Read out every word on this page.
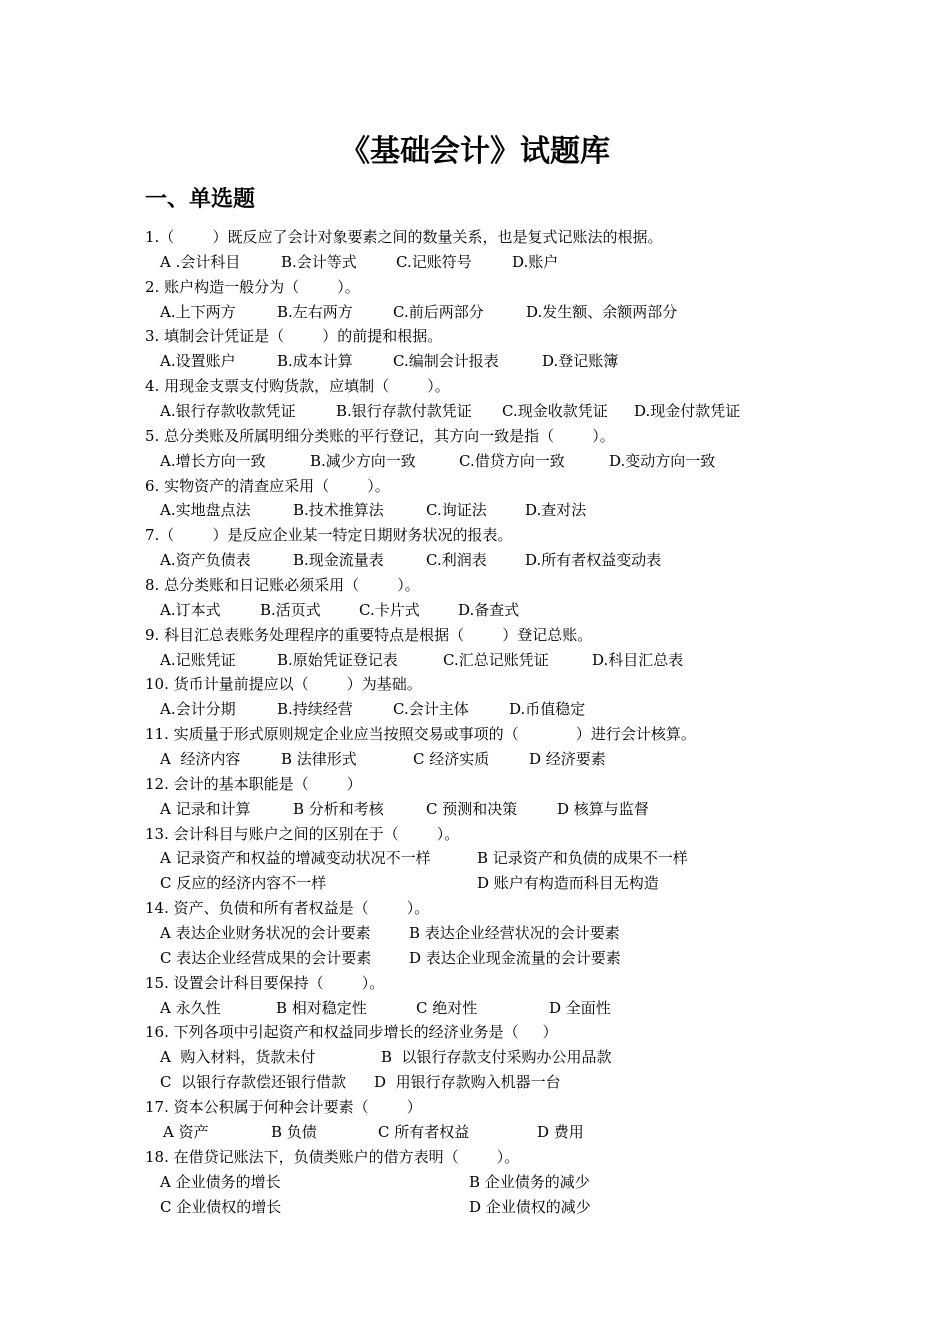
《基础会计》试题库
一、单选题
1.（        ）既反应了会计对象要素之间的数量关系，也是复式记账法的根据。
A .会计科目	B.会计等式	C.记账符号	D.账户
2. 账户构造一般分为（        ）。
A.上下两方	B.左右两方	C.前后两部分	D.发生额、余额两部分
3. 填制会计凭证是（        ）的前提和根据。
A.设置账户	B.成本计算	C.编制会计报表	D.登记账簿
4. 用现金支票支付购货款，应填制（        ）。
A.银行存款收款凭证	B.银行存款付款凭证 C.现金收款凭证 D.现金付款凭证
5. 总分类账及所属明细分类账的平行登记，其方向一致是指（        ）。
A.增长方向一致	B.减少方向一致	C.借贷方向一致	D.变动方向一致
6. 实物资产的清查应采用（        ）。
A.实地盘点法	B.技术推算法	C.询证法	D.查对法
7.（        ）是反应企业某一特定日期财务状况的报表。
A.资产负债表	B.现金流量表	C.利润表	D.所有者权益变动表
8. 总分类账和日记账必须采用（        ）。
A.订本式	B.活页式	C.卡片式	D.备查式
9. 科目汇总表账务处理程序的重要特点是根据（        ）登记总账。
A.记账凭证	B.原始凭证登记表	C.汇总记账凭证	D.科目汇总表
10. 货币计量前提应以（        ）为基础。
A.会计分期	B.持续经营	C.会计主体	D.币值稳定
11. 实质量于形式原则规定企业应当按照交易或事项的（            ）进行会计核算。
A  经济内容	B 法律形式	C 经济实质	D 经济要素
12. 会计的基本职能是（        ）
A 记录和计算	B 分析和考核	C 预测和决策	D 核算与监督
13. 会计科目与账户之间的区别在于（        ）。
A 记录资产和权益的增减变动状况不一样	B 记录资产和负债的成果不一样
C 反应的经济内容不一样	D 账户有构造而科目无构造
14. 资产、负债和所有者权益是（        ）。
A 表达企业财务状况的会计要素	B 表达企业经营状况的会计要素
C 表达企业经营成果的会计要素	D 表达企业现金流量的会计要素
15. 设置会计科目要保持（        ）。
A 永久性	B 相对稳定性	C 绝对性	D 全面性
16. 下列各项中引起资产和权益同步增长的经济业务是（     ）
A  购入材料，货款未付	B  以银行存款支付采购办公用品款
C  以银行存款偿还银行借款 D  用银行存款购入机器一台
17. 资本公积属于何种会计要素（        ）
A 资产	B 负债	C 所有者权益	D 费用
18. 在借贷记账法下，负债类账户的借方表明（        ）。
A 企业债务的增长	B 企业债务的减少
C 企业债权的增长	D 企业债权的减少
